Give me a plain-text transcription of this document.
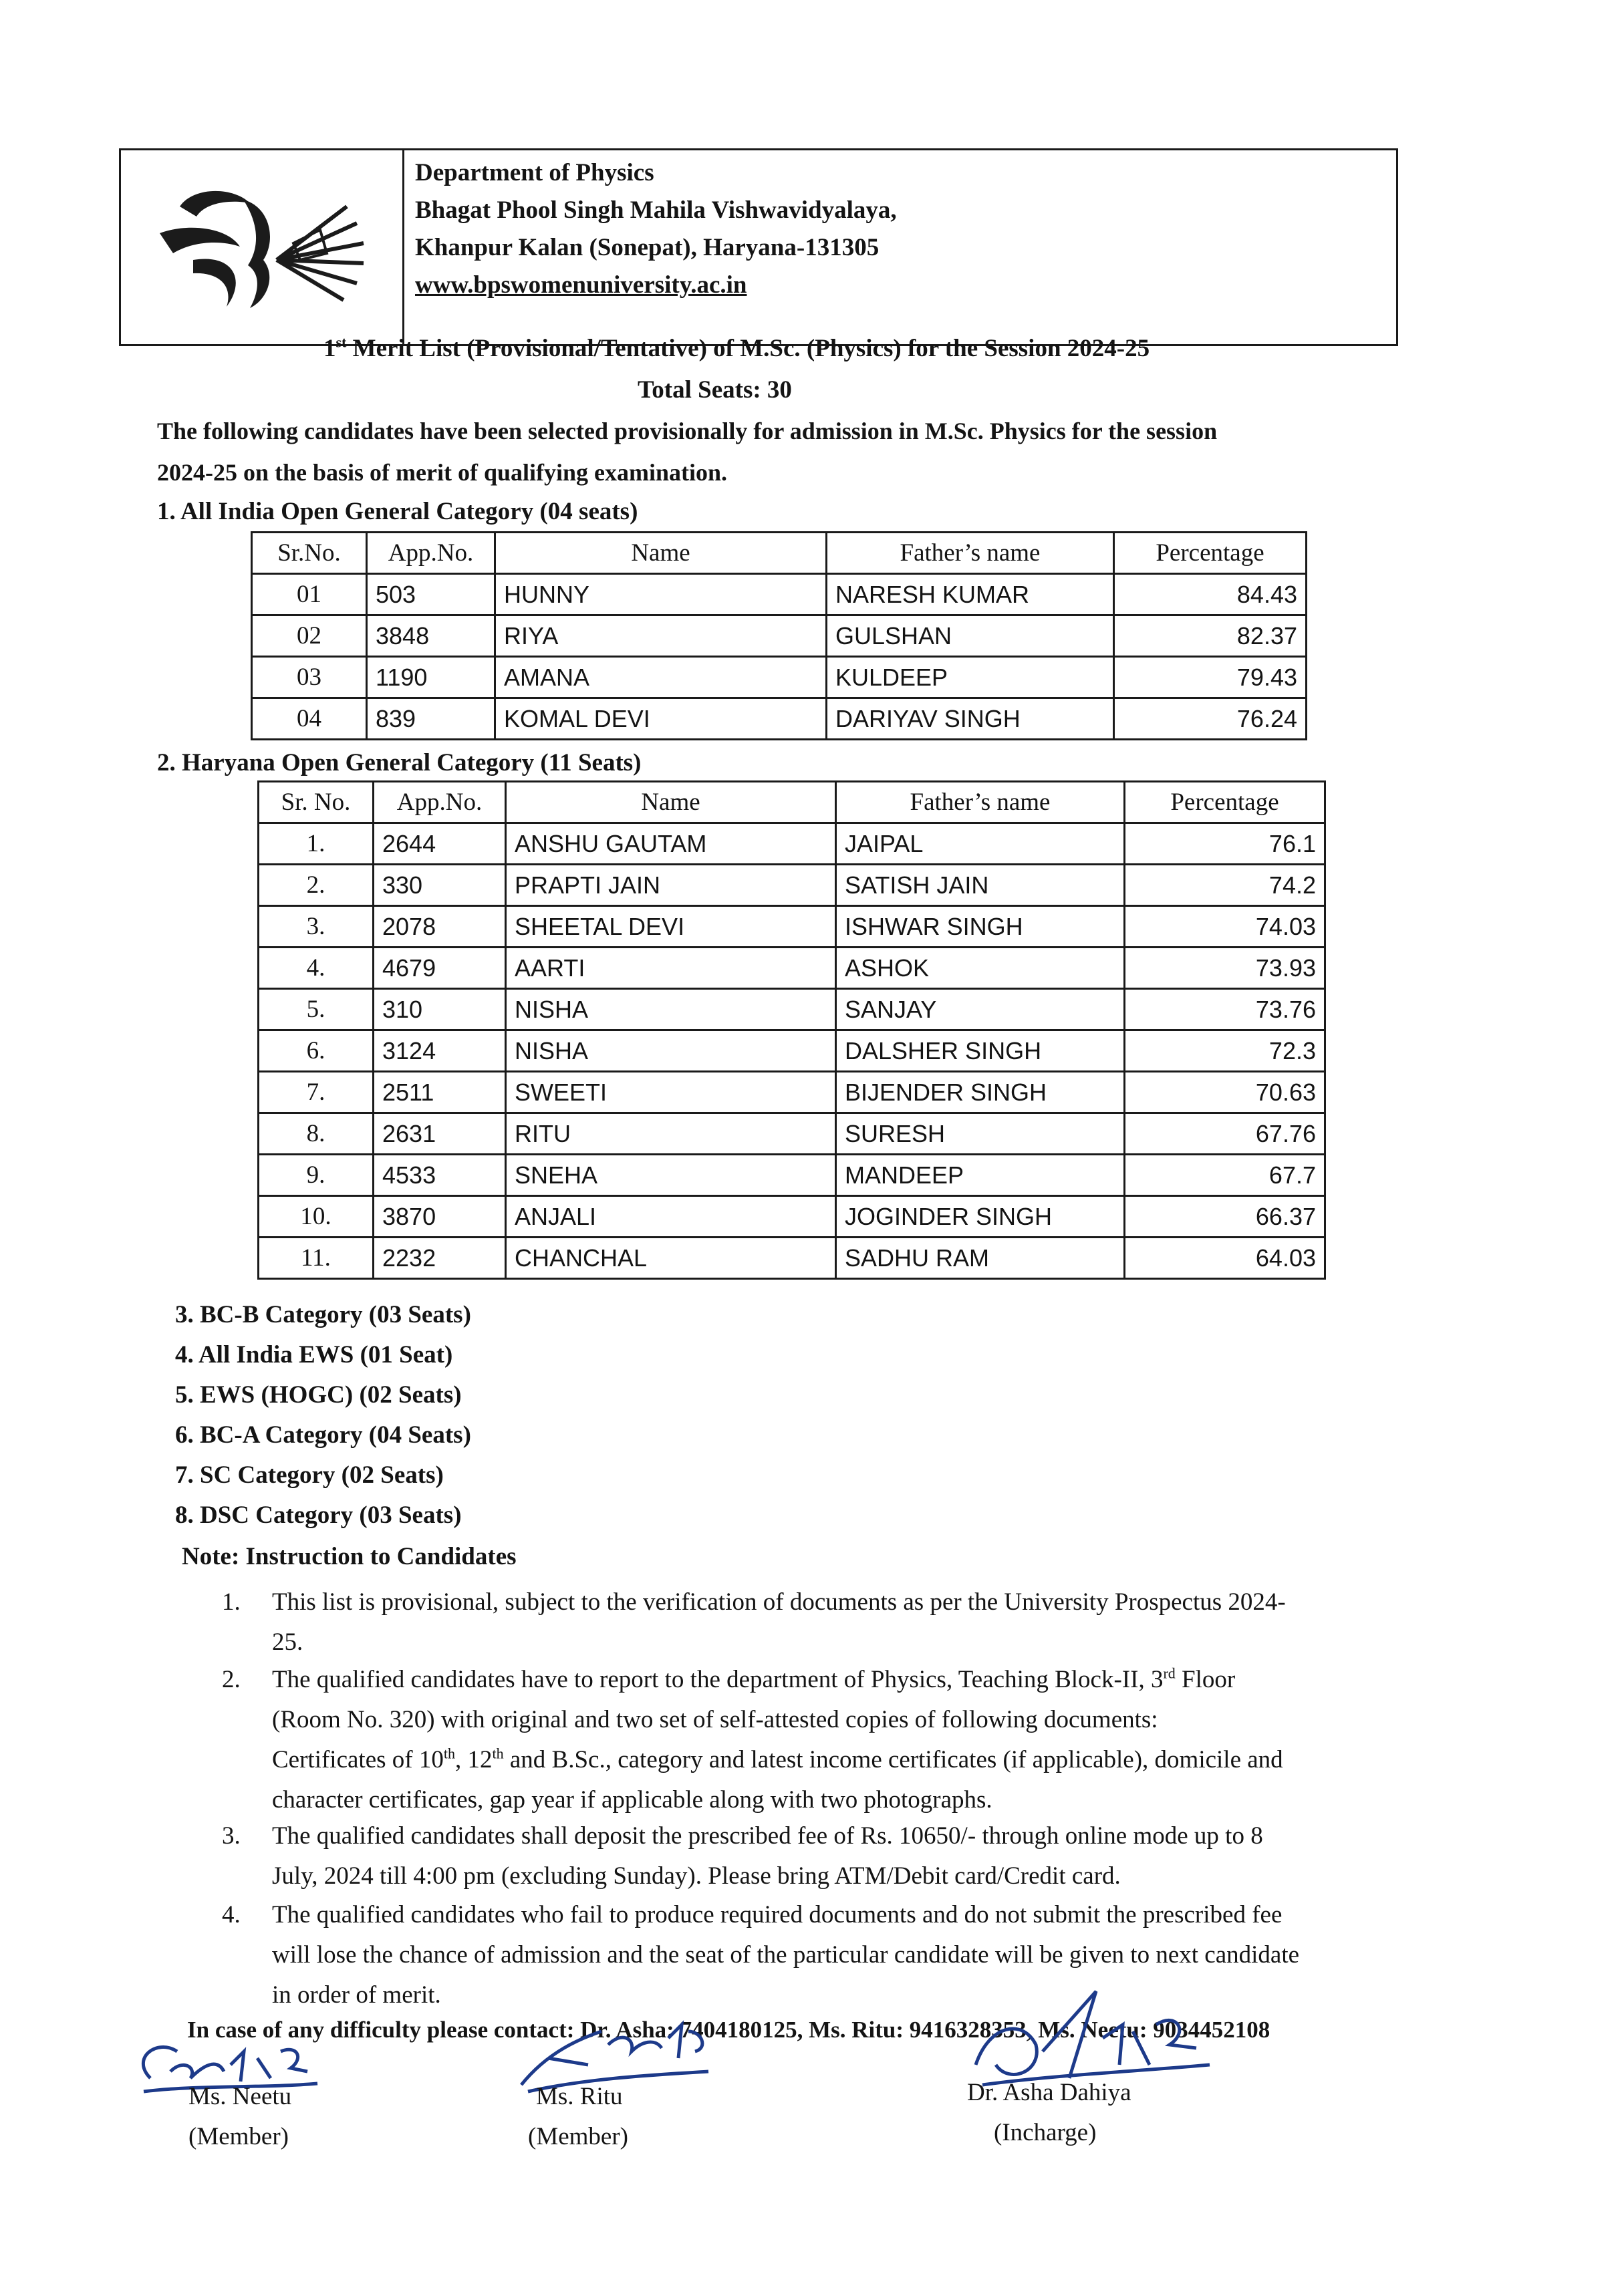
Department of Physics
Bhagat Phool Singh Mahila Vishwavidyalaya,
Khanpur Kalan (Sonepat), Haryana-131305
www.bpswomenuniversity.ac.in
1st Merit List (Provisional/Tentative) of M.Sc. (Physics) for the Session 2024-25
Total Seats: 30
The following candidates have been selected provisionally for admission in M.Sc. Physics for the session
2024-25 on the basis of merit of qualifying examination.
1. All India Open General Category (04 seats)
Sr.No.	App.No.	Name	Father’s name	Percentage
01	503	HUNNY	NARESH KUMAR	84.43
02	3848	RIYA	GULSHAN	82.37
03	1190	AMANA	KULDEEP	79.43
04	839	KOMAL DEVI	DARIYAV SINGH	76.24
2. Haryana Open General Category (11 Seats)
Sr. No.	App.No.	Name	Father’s name	Percentage
1.	2644	ANSHU GAUTAM	JAIPAL	76.1
2.	330	PRAPTI JAIN	SATISH JAIN	74.2
3.	2078	SHEETAL DEVI	ISHWAR SINGH	74.03
4.	4679	AARTI	ASHOK	73.93
5.	310	NISHA	SANJAY	73.76
6.	3124	NISHA	DALSHER SINGH	72.3
7.	2511	SWEETI	BIJENDER SINGH	70.63
8.	2631	RITU	SURESH	67.76
9.	4533	SNEHA	MANDEEP	67.7
10.	3870	ANJALI	JOGINDER SINGH	66.37
11.	2232	CHANCHAL	SADHU RAM	64.03
3. BC-B Category (03 Seats)
4. All India EWS (01 Seat)
5. EWS (HOGC) (02 Seats)
6. BC-A Category (04 Seats)
7. SC Category (02 Seats)
8. DSC Category (03 Seats)
Note: Instruction to Candidates
1. This list is provisional, subject to the verification of documents as per the University Prospectus 2024-
25.
2. The qualified candidates have to report to the department of Physics, Teaching Block-II, 3rd Floor
(Room No. 320) with original and two set of self-attested copies of following documents:
Certificates of 10th, 12th and B.Sc., category and latest income certificates (if applicable), domicile and
character certificates, gap year if applicable along with two photographs.
3. The qualified candidates shall deposit the prescribed fee of Rs. 10650/- through online mode up to 8
July, 2024 till 4:00 pm (excluding Sunday). Please bring ATM/Debit card/Credit card.
4. The qualified candidates who fail to produce required documents and do not submit the prescribed fee
will lose the chance of admission and the seat of the particular candidate will be given to next candidate
in order of merit.
In case of any difficulty please contact: Dr. Asha: 7404180125, Ms. Ritu: 9416328353, Ms. Neetu: 9034452108
Ms. Neetu
(Member)
Ms. Ritu
(Member)
Dr. Asha Dahiya
(Incharge)
